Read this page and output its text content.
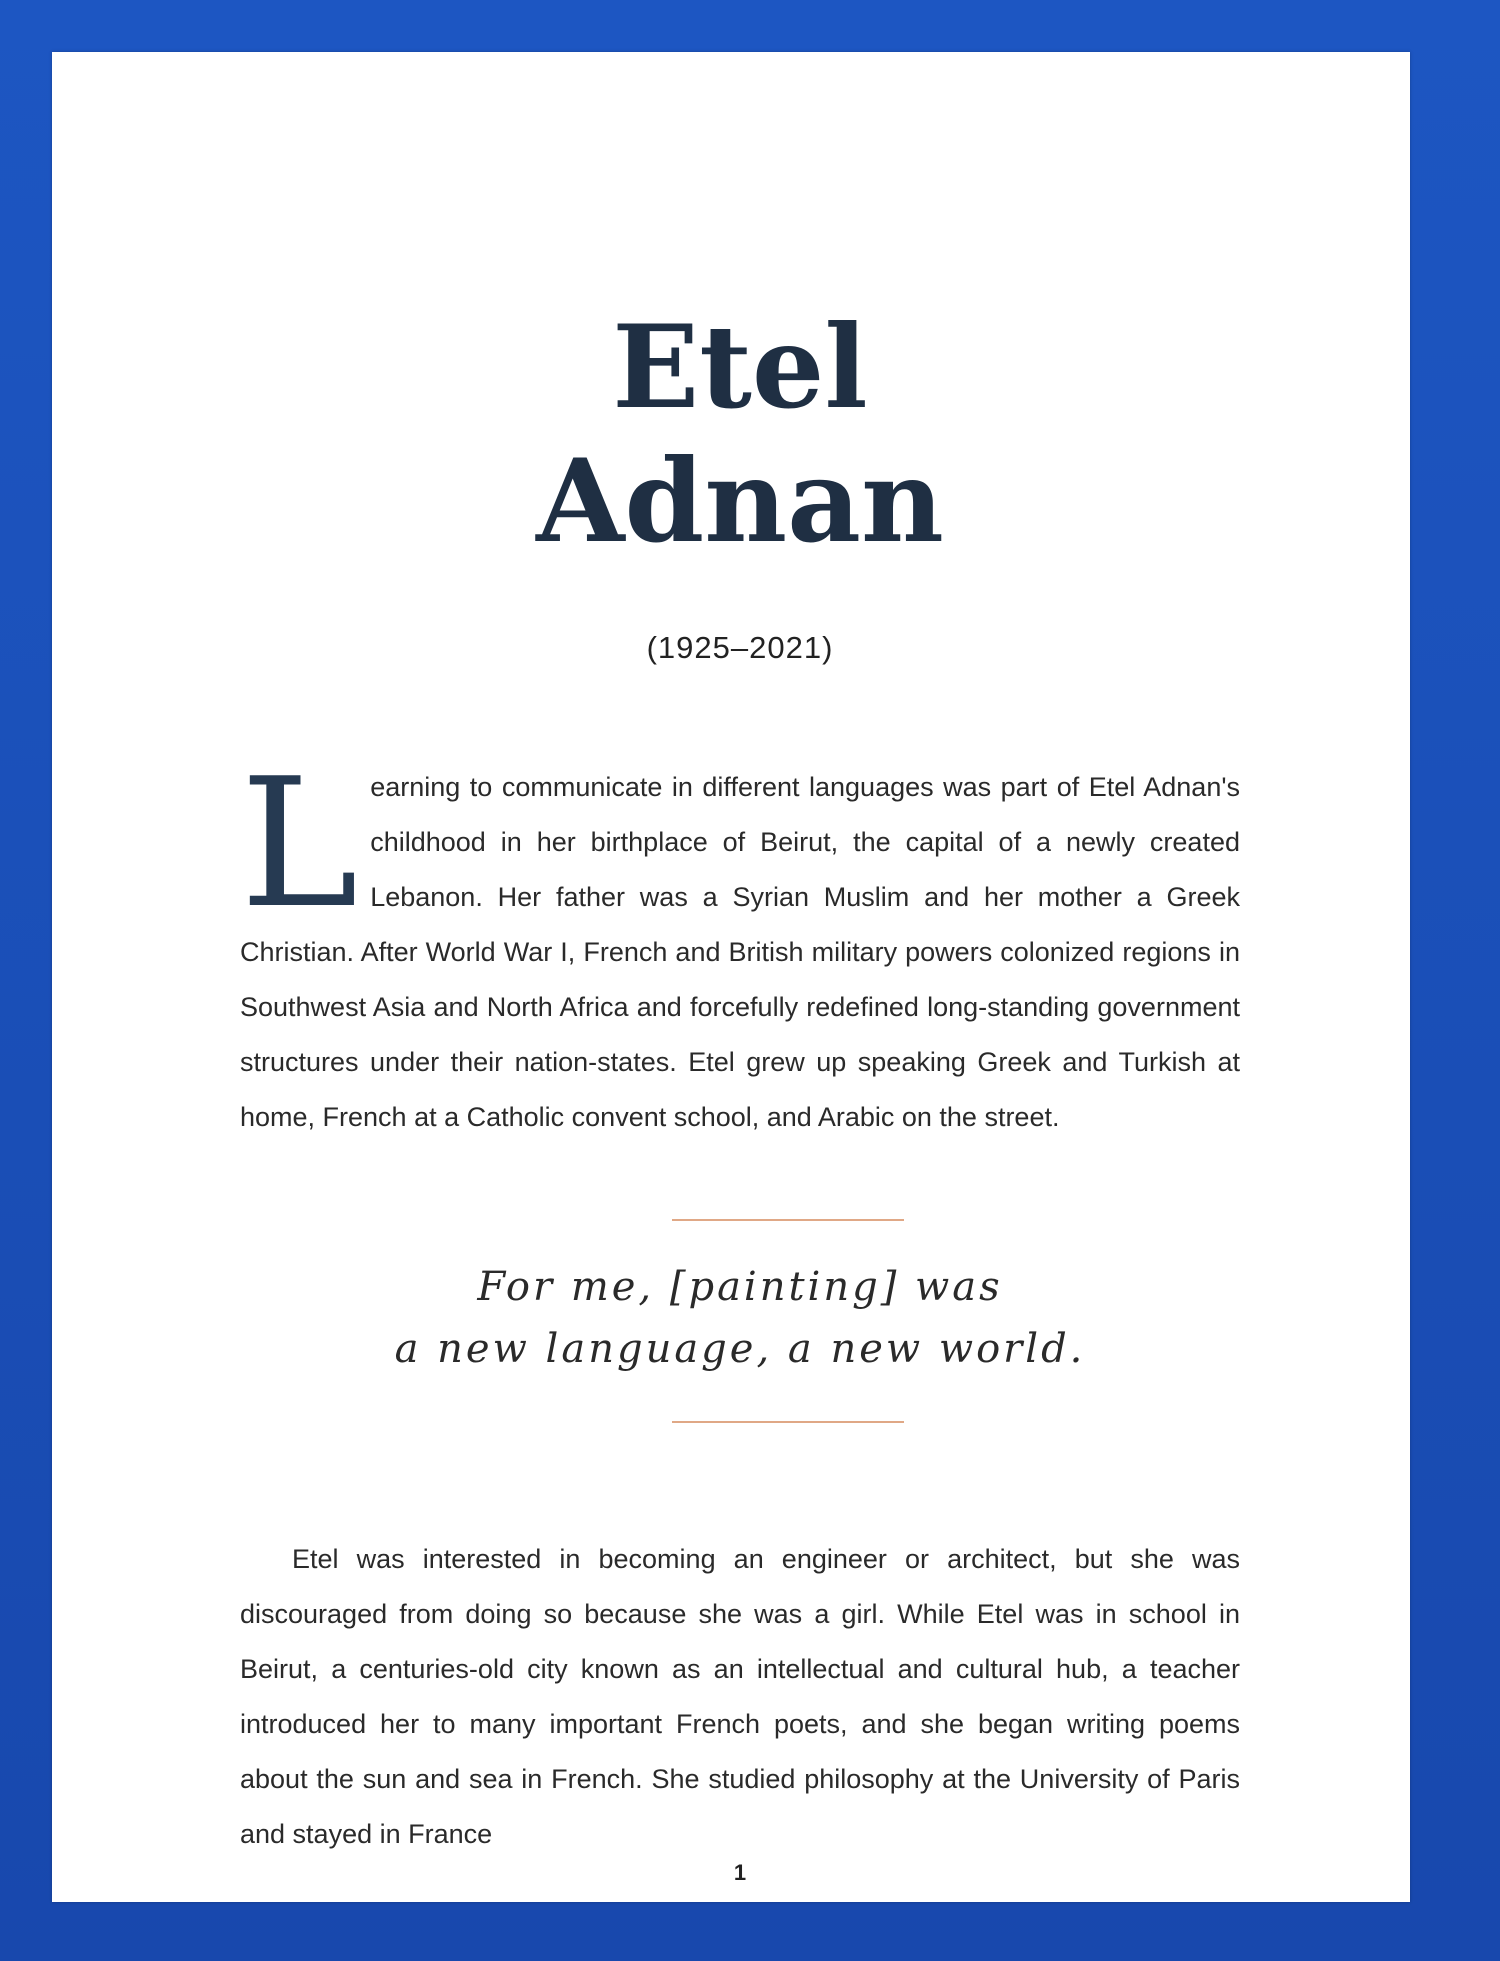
Etel
Adnan
(1925–2021)

Learning to communicate in different languages was part of Etel Adnan's childhood in her birthplace of Beirut, the capital of a newly created Lebanon. Her father was a Syrian Muslim and her mother a Greek Christian. After World War I, French and British military powers colonized regions in Southwest Asia and North Africa and forcefully redefined long-standing government structures under their nation-states. Etel grew up speaking Greek and Turkish at home, French at a Catholic convent school, and Arabic on the street.

For me, [painting] was
a new language, a new world.

Etel was interested in becoming an engineer or architect, but she was discouraged from doing so because she was a girl. While Etel was in school in Beirut, a centuries-old city known as an intellectual and cultural hub, a teacher introduced her to many important French poets, and she began writing poems about the sun and sea in French. She studied philosophy at the University of Paris and stayed in France

1
